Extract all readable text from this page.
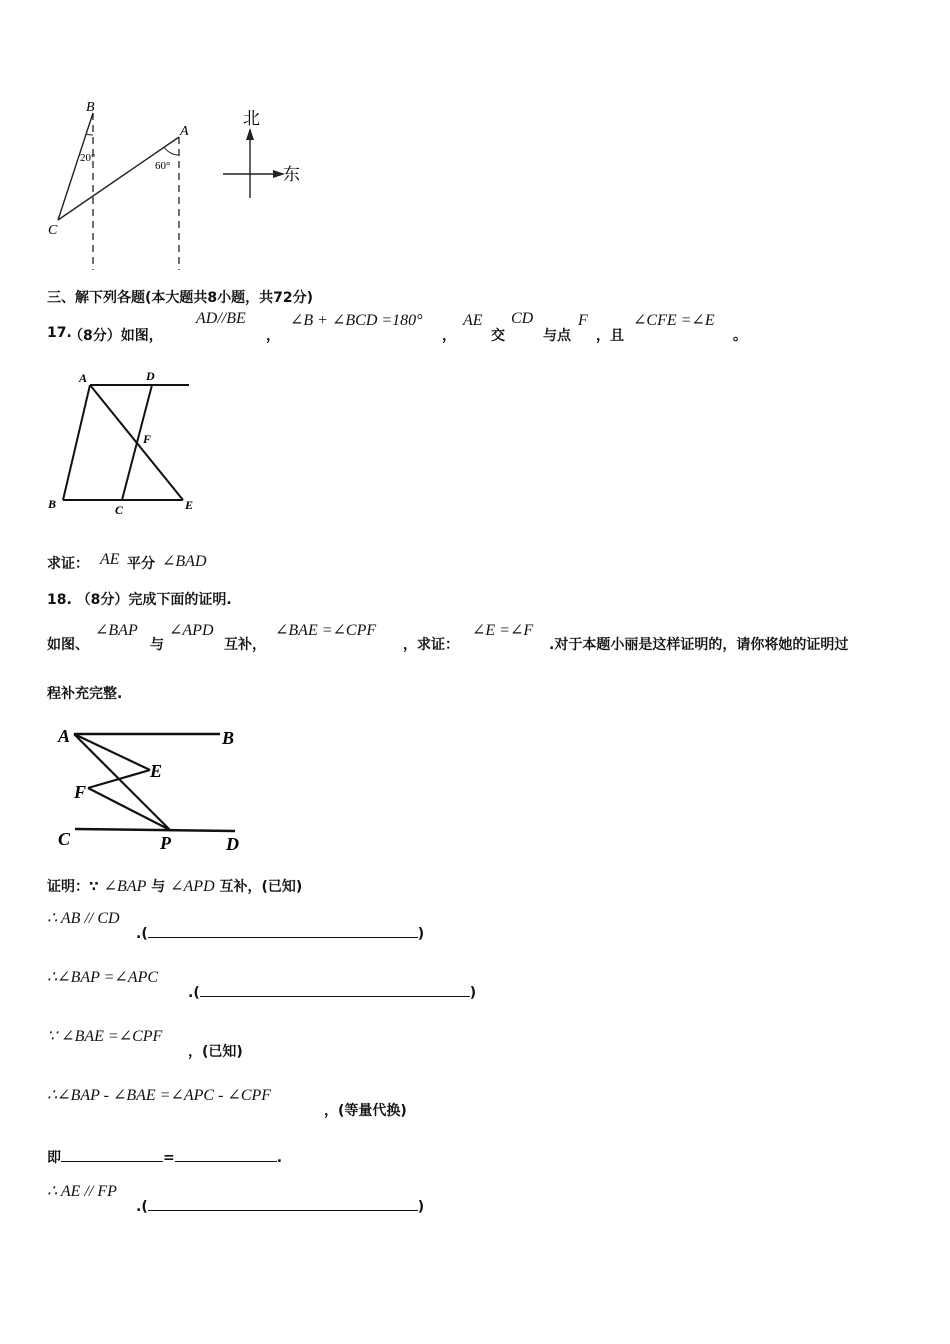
B
A
C
20°
60°
北
东
三、解下列各题(本大题共8小题，共72分)
17.
（8分）如图，
AD//BE
，
∠B + ∠BCD =180°
，
AE
交
CD
与点
F
，且
∠CFE =∠E
。
A	D
F
B	C	E
求证： AE 平分 ∠BAD
18. （8分）完成下面的证明.
如图、
∠BAP
与
∠APD
互补，
∠BAE =∠CPF
，求证：
∠E =∠F
.对于本题小丽是这样证明的，请你将她的证明过
程补充完整.
A	B
E
F
C	P	D
证明：∵ ∠BAP 与 ∠APD 互补，(已知)
∴ AB // CD
.(	)
∴∠BAP =∠APC
.(	)
∵ ∠BAE =∠CPF
，(已知)
∴∠BAP - ∠BAE =∠APC - ∠CPF
，(等量代换)
即	=	.
∴ AE // FP
.(	)
